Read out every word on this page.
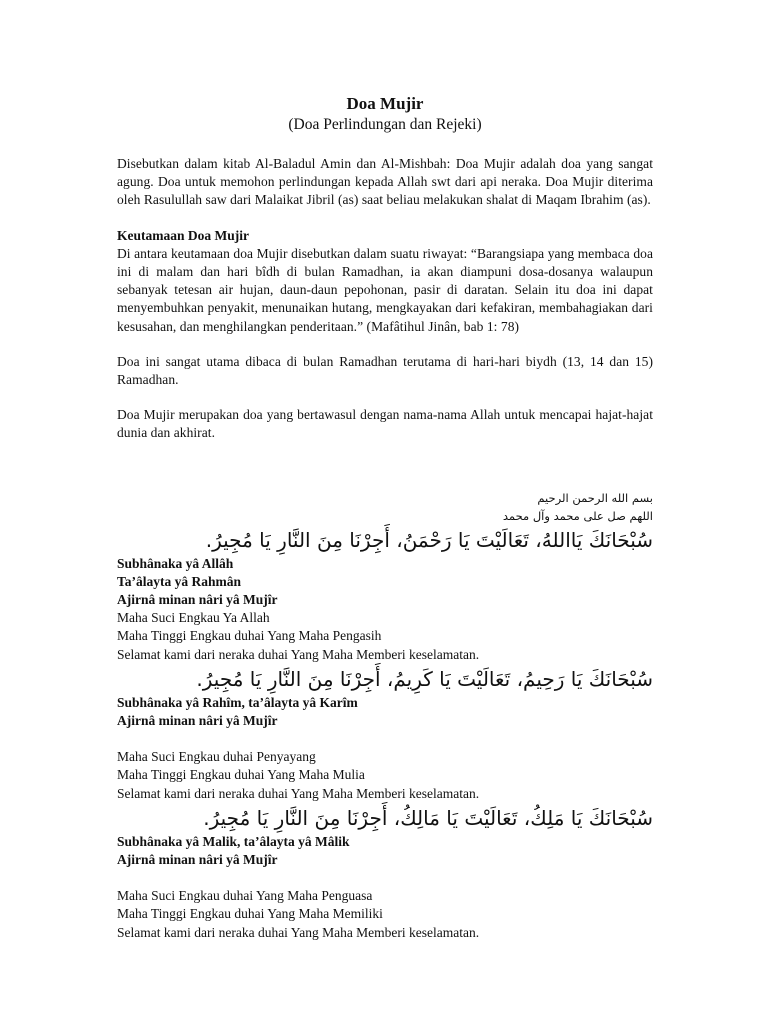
Doa Mujir

(Doa Perlindungan dan Rejeki)

Disebutkan dalam kitab Al-Baladul Amin dan Al-Mishbah: Doa Mujir adalah doa yang sangat agung. Doa untuk memohon perlindungan kepada Allah swt dari api neraka. Doa Mujir diterima oleh Rasulullah saw dari Malaikat Jibril (as) saat beliau melakukan shalat di Maqam Ibrahim (as).

Keutamaan Doa Mujir

Di antara keutamaan doa Mujir disebutkan dalam suatu riwayat: “Barangsiapa yang membaca doa ini di malam dan hari bîdh di bulan Ramadhan, ia akan diampuni dosa-dosanya walaupun sebanyak tetesan air hujan, daun-daun pepohonan, pasir di daratan. Selain itu doa ini dapat menyembuhkan penyakit, menunaikan hutang, mengkayakan dari kefakiran, membahagiakan dari kesusahan, dan menghilangkan penderitaan.” (Mafâtihul Jinân, bab 1: 78)

Doa ini sangat utama dibaca di bulan Ramadhan terutama di hari-hari biydh (13, 14 dan 15) Ramadhan.

Doa Mujir merupakan doa yang bertawasul dengan nama-nama Allah untuk mencapai hajat-hajat dunia dan akhirat.

بسم الله الرحمن الرحيم

اللهم صل على محمد وآل محمد

سُبْحَانَكَ يَااللهُ، تَعَالَيْتَ يَا رَحْمَنُ، أَجِرْنَا مِنَ النَّارِ يَا مُجِيرُ.

Subhânaka yâ Allâh

Ta’âlayta yâ Rahmân

Ajirnâ minan nâri yâ Mujîr

Maha Suci Engkau Ya Allah

Maha Tinggi Engkau duhai Yang Maha Pengasih

Selamat kami dari neraka duhai Yang Maha Memberi keselamatan.

سُبْحَانَكَ يَا رَحِيمُ، تَعَالَيْتَ يَا كَرِيمُ، أَجِرْنَا مِنَ النَّارِ يَا مُجِيرُ.

Subhânaka yâ Rahîm, ta’âlayta yâ Karîm

Ajirnâ minan nâri yâ Mujîr

Maha Suci Engkau duhai Penyayang

Maha Tinggi Engkau duhai Yang Maha Mulia

Selamat kami dari neraka duhai Yang Maha Memberi keselamatan.

سُبْحَانَكَ يَا مَلِكُ، تَعَالَيْتَ يَا مَالِكُ، أَجِرْنَا مِنَ النَّارِ يَا مُجِيرُ.

Subhânaka yâ Malik, ta’âlayta yâ Mâlik

Ajirnâ minan nâri yâ Mujîr

Maha Suci Engkau duhai Yang Maha Penguasa

Maha Tinggi Engkau duhai Yang Maha Memiliki

Selamat kami dari neraka duhai Yang Maha Memberi keselamatan.
